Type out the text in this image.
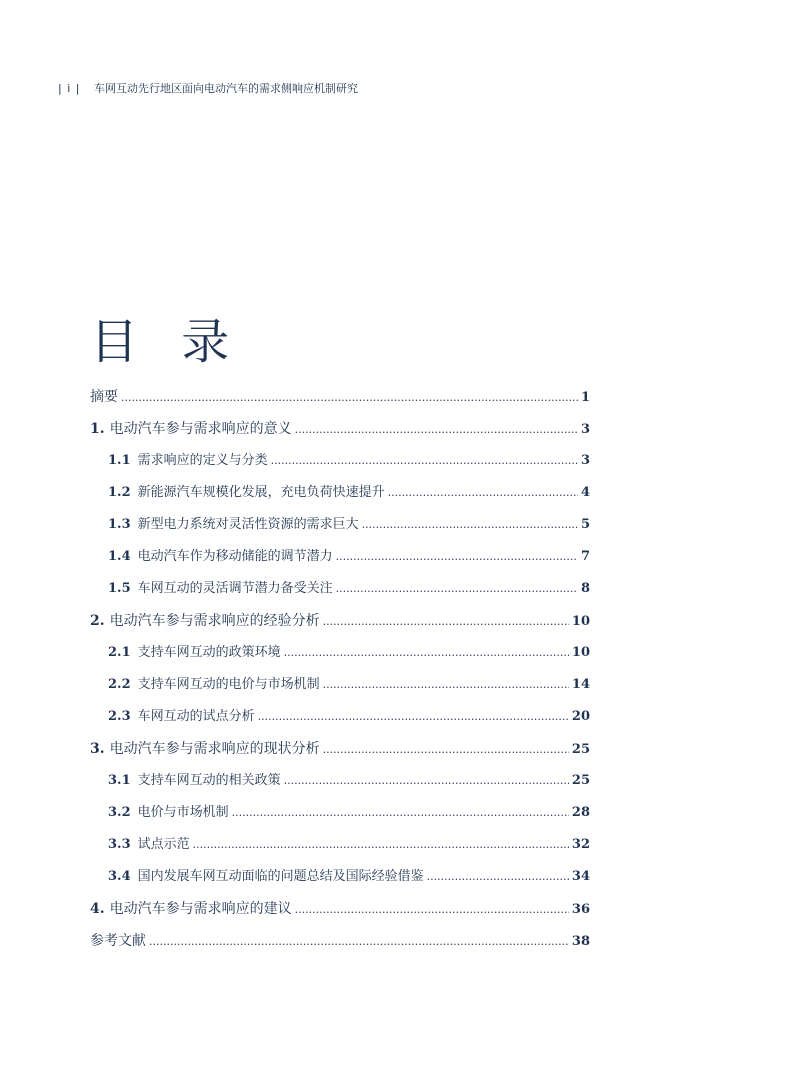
| i |	车网互动先行地区面向电动汽车的需求侧响应机制研究
目 录
摘要 .....	1
1. 电动汽车参与需求响应的意义 .....	3
1.1 需求响应的定义与分类 .....	3
1.2 新能源汽车规模化发展，充电负荷快速提升 .....	4
1.3 新型电力系统对灵活性资源的需求巨大 .....	5
1.4 电动汽车作为移动储能的调节潜力 .....	7
1.5 车网互动的灵活调节潜力备受关注 .....	8
2. 电动汽车参与需求响应的经验分析 .....	10
2.1 支持车网互动的政策环境 .....	10
2.2 支持车网互动的电价与市场机制 .....	14
2.3 车网互动的试点分析 .....	20
3. 电动汽车参与需求响应的现状分析 .....	25
3.1 支持车网互动的相关政策 .....	25
3.2 电价与市场机制 .....	28
3.3 试点示范 .....	32
3.4 国内发展车网互动面临的问题总结及国际经验借鉴 .....	34
4. 电动汽车参与需求响应的建议 .....	36
参考文献 .....	38
